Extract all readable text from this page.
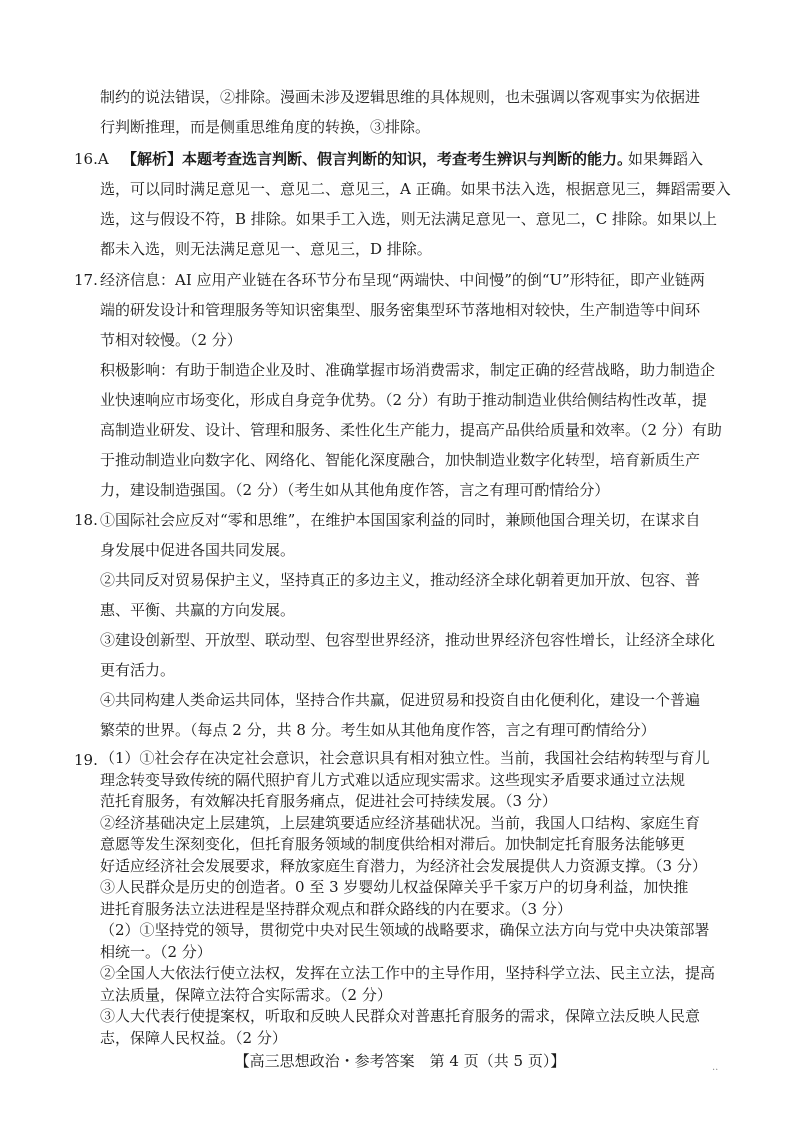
制约的说法错误，②排除。漫画未涉及逻辑思维的具体规则，也未强调以客观事实为依据进
行判断推理，而是侧重思维角度的转换，③排除。
16.A 【解析】本题考查选言判断、假言判断的知识，考查考生辨识与判断的能力。
如果舞蹈入
选，可以同时满足意见一、意见二、意见三，A 正确。如果书法入选，根据意见三，舞蹈需要入
选，这与假设不符，B 排除。如果手工入选，则无法满足意见一、意见二，C 排除。如果以上
都未入选，则无法满足意见一、意见三，D 排除。
17. 经济信息：AI 应用产业链在各环节分布呈现“两端快、中间慢”的倒“U”形特征，即产业链两
端的研发设计和管理服务等知识密集型、服务密集型环节落地相对较快，生产制造等中间环
节相对较慢。（2 分）
积极影响：有助于制造企业及时、准确掌握市场消费需求，制定正确的经营战略，助力制造企
业快速响应市场变化，形成自身竞争优势。（2 分）有助于推动制造业供给侧结构性改革，提
高制造业研发、设计、管理和服务、柔性化生产能力，提高产品供给质量和效率。（2 分）有助
于推动制造业向数字化、网络化、智能化深度融合，加快制造业数字化转型，培育新质生产
力，建设制造强国。（2 分）（考生如从其他角度作答，言之有理可酌情给分）
18. ①国际社会应反对“零和思维”，在维护本国国家利益的同时，兼顾他国合理关切，在谋求自
身发展中促进各国共同发展。
②共同反对贸易保护主义，坚持真正的多边主义，推动经济全球化朝着更加开放、包容、普
惠、平衡、共赢的方向发展。
③建设创新型、开放型、联动型、包容型世界经济，推动世界经济包容性增长，让经济全球化
更有活力。
④共同构建人类命运共同体，坚持合作共赢，促进贸易和投资自由化便利化，建设一个普遍
繁荣的世界。（每点 2 分，共 8 分。考生如从其他角度作答，言之有理可酌情给分）
19. （1）①社会存在决定社会意识，社会意识具有相对独立性。当前，我国社会结构转型与育儿
理念转变导致传统的隔代照护育儿方式难以适应现实需求。这些现实矛盾要求通过立法规
范托育服务，有效解决托育服务痛点，促进社会可持续发展。（3 分）
②经济基础决定上层建筑，上层建筑要适应经济基础状况。当前，我国人口结构、家庭生育
意愿等发生深刻变化，但托育服务领域的制度供给相对滞后。加快制定托育服务法能够更
好适应经济社会发展要求，释放家庭生育潜力，为经济社会发展提供人力资源支撑。（3 分）
③人民群众是历史的创造者。0 至 3 岁婴幼儿权益保障关乎千家万户的切身利益，加快推
进托育服务法立法进程是坚持群众观点和群众路线的内在要求。（3 分）
（2）①坚持党的领导，贯彻党中央对民生领域的战略要求，确保立法方向与党中央决策部署
相统一。（2 分）
②全国人大依法行使立法权，发挥在立法工作中的主导作用，坚持科学立法、民主立法，提高
立法质量，保障立法符合实际需求。（2 分）
③人大代表行使提案权，听取和反映人民群众对普惠托育服务的需求，保障立法反映人民意
志，保障人民权益。（2 分）
【高三思想政治・参考答案　第 4 页（共 5 页）】	..
